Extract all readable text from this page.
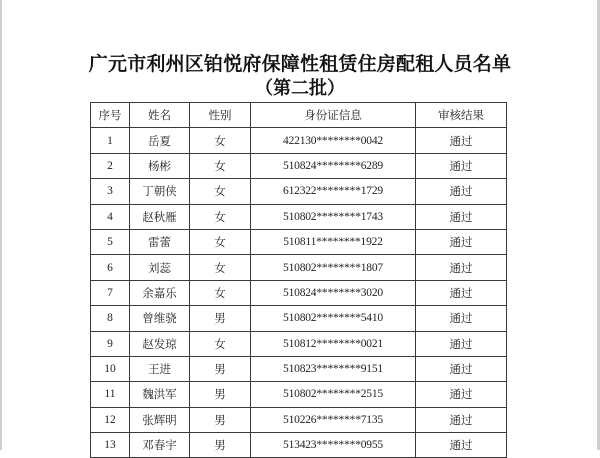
广元市利州区铂悦府保障性租赁住房配租人员名单
（第二批）
序号	姓名	性别	身份证信息	审核结果
1	岳夏	女	422130********0042	通过
2	杨彬	女	510824********6289	通过
3	丁朝侠	女	612322********1729	通过
4	赵秋雁	女	510802********1743	通过
5	雷蕾	女	510811********1922	通过
6	刘蕊	女	510802********1807	通过
7	余嘉乐	女	510824********3020	通过
8	曾维骁	男	510802********5410	通过
9	赵发琼	女	510812********0021	通过
10	王进	男	510823********9151	通过
11	魏洪军	男	510802********2515	通过
12	张辉明	男	510226********7135	通过
13	邓春宇	男	513423********0955	通过
